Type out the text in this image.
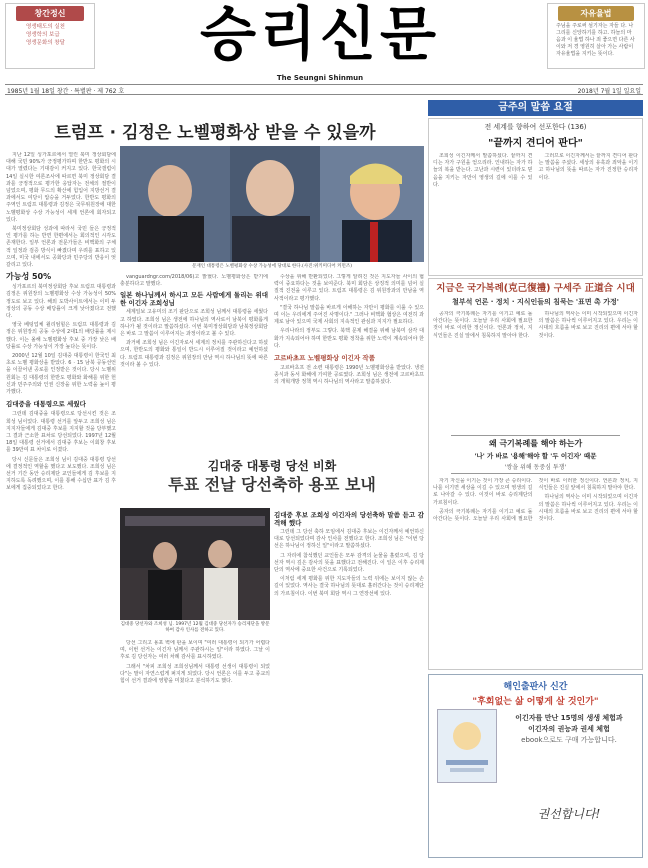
창간정신
영생태도의 실천
영생학의 보급
영생문화의 창달	승리신문
The Seungni Shinmun
자유율법
주님을 주로써 섬기자는 자들 다. 나그리를 신앙하기를 하고. 하늘의 마음과 이 율법 하나 죄 좋으면 다른 사이와 저 경 영원히 살아 가는 사람이 자유율법을 지키는 뜻이다.
1985년 1월 18일 창간 · 특별판 · 제 762 호	2018년 7월 1일 일요일
트럼프 · 김정은 노벨평화상 받을 수 있을까

지난 12일 싱가포르에서 열린 북미 정상회담에 대해 국민 90%가 긍정평가하며 한반도 평화의 시대가 열렸다는 기대감이 커지고 있다. 한국갤럽이 14일 실시한 여론조사에 따르면 북미 정상회담 결과를 긍정적으로 평가한 응답자는 전체의 절반이 넘었으며, 평화 무드의 확산에 힘입어 지방선거 결과에서도 여당이 압승을 거두었다. 한반도 평화의 주역인 트럼프 대통령과 김정은 국무위원장에 대한 노벨평화상 수상 가능성이 세계 언론에 회자되고 있다.

북미정상회담 성과에 따라서 국민 들은 긍정적인 평가를 하는 반면 한편에서는 회의적인 시각도 존재한다. 일부 언론과 전문가들은 비핵화의 구체적 일정과 검증 방식이 빠졌다며 우려를 표하고 있으며, 미국 내에서도 공화당과 민주당의 반응이 엇갈리고 있다.

가능성 50%

싱가포르의 북미정상회담 후보 트럼프 대통령과 김정은 위원장의 노벨평화상 수상 가능성이 50% 정도로 보고 있다. 해외 도박사이트에서는 이미 두 정상의 공동 수상 배당률이 크게 낮아졌다고 전했다.

영국 베팅업체 윌리엄힐은 트럼프 대통령과 김정은 위원장의 공동 수상에 2대1의 배당률을 제시했다. 이는 올해 노벨평화상 후보 중 가장 낮은 배당률로 수상 가능성이 가장 높다는 뜻이다.

2000년 12월 10일 김대중 대통령이 한국인 최초로 노벨 평화상을 받았다. 6 · 15 남북 공동선언을 이끌어낸 공로를 인정받은 것이다. 당시 노벨위원회는 김 대통령의 한반도 평화와 화해를 위한 헌신과 민주주의와 인권 신장을 위한 노력을 높이 평가했다.

김대중을 대통령으로 세웠다

그런데 김대중을 대통령으로 당선시킨 것은 조희성 님이었다. 대통령 선거를 앞두고 조희성 님은 지지자들에게 김대중 후보를 지지할 것을 당부했고 그 결과 근소한 표차로 당선되었다. 1997년 12월 18일 대통령 선거에서 김대중 후보는 이회창 후보를 39만여 표 차이로 이겼다.

당시 신문들은 조희성 님이 김대중 대통령 당선에 결정적인 역할을 했다고 보도했다. 조희성 님은 선거 기간 동안 승리제단 교인들에게 김 후보를 지지하도록 독려했으며, 이를 통해 수십만 표가 김 후보에게 집중되었다고 한다.

문재인 대통령은 노벨평화상 수상 가능성에 당대로 한다.(사진:위키미디어 커먼즈)

vanguardngr.com/2018/06)고 밝혔다. 노벨평화상은 받기에 충분하다고 말했다.

일본 하나님께서 하시고 모든 사람에게 돌리는 위대한 이긴자 조희성님

세계일보 고유미의 조기 판단으로 조희성 님께서 대통령을 세웠다고 하였다. 조희성 님은 생전에 하나님의 역사로서 남북이 평화롭게 하나가 될 것이라고 말씀하셨다. 이번 북미정상회담과 남북정상회담은 바로 그 말씀이 이루어지는 과정이라고 볼 수 있다.

과거에 조희성 님은 이긴자로서 세계의 정치를 주관하신다고 하셨으며, 한반도의 평화와 통일이 반드시 이루어질 것이라고 예언하셨다. 트럼프 대통령과 김정은 위원장의 만남 역시 하나님의 뜻에 따른 것이라 볼 수 있다.

수상을 위해 반환되었다. 그렇게 알려진 것은 지도자들 사이의 협력이 중요하다는 것을 보여준다. 북미 회담은 상징적 의미를 넘어 실질적 진전을 이루고 있다. 트럼프 대통령은 김 위원장과의 만남을 역사적이라고 평가했다.

"결국 하나님 말씀을 바르게 이해하는 자만이 평화를 이룰 수 있으며 이는 우리에게 주어진 사명이다." 그러나 비핵화 협상은 여전히 과제로 남아 있으며 국제 사회의 지속적인 관심과 지지가 필요하다.

우리나라의 정부도 그렇다. 북핵 문제 해결을 위해 남북미 삼각 대화가 지속되어야 하며 한반도 평화 정착을 위한 노력이 계속되어야 한다.

고르바초프 노벨평화상 이긴자 작품

고르바초프 전 소련 대통령은 1990년 노벨평화상을 받았다. 냉전 종식과 동서 화해에 기여한 공로였다. 조희성 님은 생전에 고르바초프의 개혁개방 정책 역시 하나님의 역사라고 말씀하셨다.

김대중 대통령 당선 비화
투표 전날 당선축하 용포 보내
김대중 당선자와 조희성 님. 1997년 12월 김대중 당선자가 승리제단을 방문하여 감사 인사를 전하고 있다.

당선 그리고 용포 벽에 판을 보이며 "여러 대통령이 되기가 어렵다며, 이번 선거는 이긴자 님께서 주관하시는 일"이라 하였다. 그날 이후로 김 당선자는 여러 차례 감사를 표시하였다.

그래서 "차피 조희성 조희성님께서 대통령 선생이 대통령이 되었다"는 말이 자연스럽게 퍼지게 되었다. 당시 언론은 이를 두고 종교의 힘이 선거 결과에 영향을 미쳤다고 분석하기도 했다.

김대중 후보 조희성 이긴자의 당선축하 말씀 듣고 감격해 했다

그런데 그 당선 축하 모임에서 김대중 후보는 이긴자께서 예언하신 대로 당선되었다며 감사 인사를 전했다고 한다. 조희성 님은 "이번 당선은 하나님이 정하신 일"이라고 말씀하셨다.

그 자리에 참석했던 교인들은 모두 감격의 눈물을 흘렸으며, 김 당선자 역시 깊은 감사의 뜻을 표했다고 전해진다. 이 일은 이후 승리제단의 역사에 중요한 사건으로 기록되었다.

이처럼 세계 평화를 위한 지도자들의 노력 뒤에는 보이지 않는 손길이 있었다. 역사는 결국 하나님의 뜻대로 흘러간다는 것이 승리제단의 가르침이다. 이번 북미 회담 역시 그 연장선에 있다.

금주의 말씀 요절
전 세계를 향하여 선포한다 (136)
"끝까지 견디어 판다"

조희성 이긴자께서 말씀하셨다. 끝까지 견디는 자가 구원을 얻으리라. 인내하는 자가 하늘의 복을 받는다. 고난과 시련이 있더라도 믿음을 지키는 자만이 영생의 길에 이를 수 있다.

그러므로 이긴자께서는 끝까지 견디어 판다는 말씀을 주셨다. 세상의 유혹과 죄악을 이기고 하나님의 뜻을 따르는 자가 진정한 승리자이다.

지금은 국가복례(克己復禮) 구세주 正道合 시대
철부석 언론 · 정치 · 지식인들의 침묵는 '표면 촉 가정'

공자의 극기복례는 자기를 이기고 예로 돌아간다는 뜻이다. 오늘날 우리 사회에 필요한 것이 바로 이러한 정신이다. 언론과 정치, 지식인들은 진실 앞에서 침묵하지 말아야 한다.

하나님의 역사는 이미 시작되었으며 이긴자의 말씀은 하나씩 이루어지고 있다. 우리는 이 시대의 흐름을 바로 보고 진리의 편에 서야 할 것이다.

왜 극기복례를 해야 하는가
'나' 가 바로 '용해'해야 할 '두 이긴자' 때문
'쌍을 위해 동중심 투쟁'

자기 자신을 이기는 것이 가장 큰 승리이다. 나를 이기면 세상을 이길 수 있으며 영생의 길로 나아갈 수 있다. 이것이 바로 승리제단의 가르침이다.

공자의 극기복례는 자기를 이기고 예로 돌아간다는 뜻이다. 오늘날 우리 사회에 필요한 것이 바로 이러한 정신이다. 언론과 정치, 지식인들은 진실 앞에서 침묵하지 말아야 한다.

하나님의 역사는 이미 시작되었으며 이긴자의 말씀은 하나씩 이루어지고 있다. 우리는 이 시대의 흐름을 바로 보고 진리의 편에 서야 할 것이다.

해인출판사 신간
"후회없는 삶 어떻게 살 것인가"
이긴자를 만난 15명의 생생 체험과
이긴자의 권능과 권세 체험
ebook으로도 구매 가능합니다.
권선합니다!
